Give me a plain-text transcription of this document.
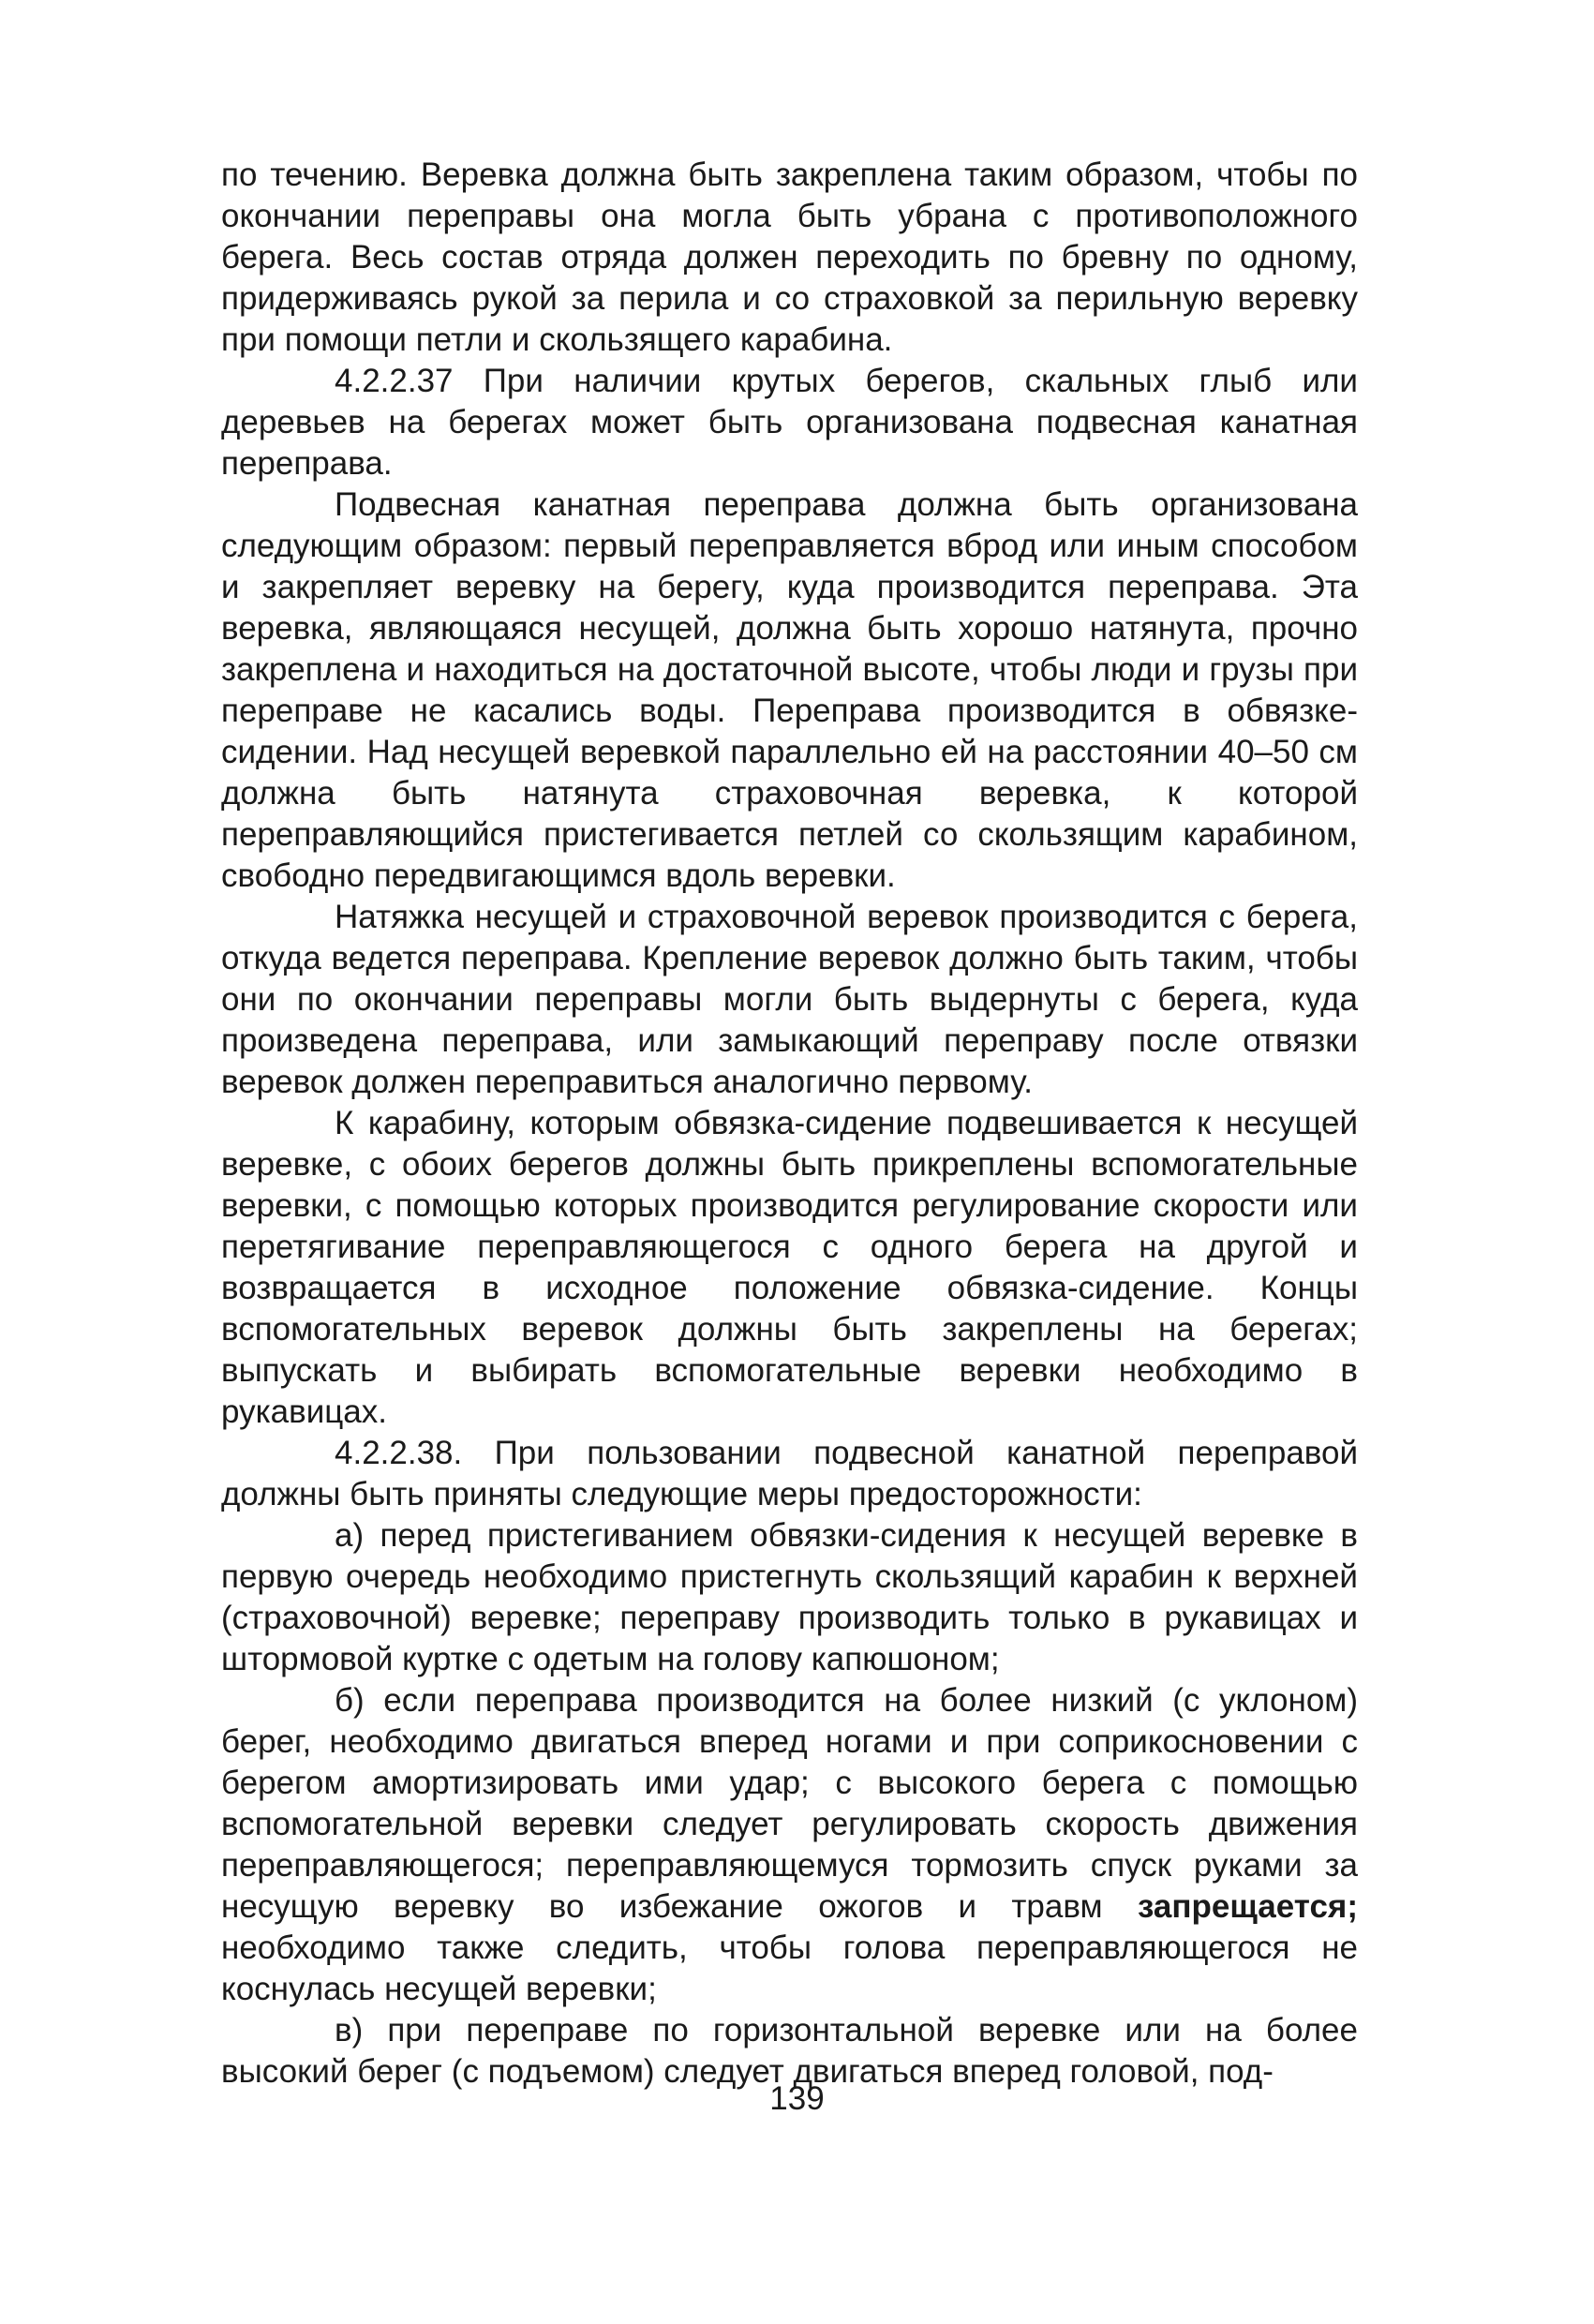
по течению. Веревка должна быть закреплена таким образом, чтобы по окончании переправы она могла быть убрана с противоположного берега. Весь состав отряда должен переходить по бревну по одному, придерживаясь рукой за перила и со страховкой за перильную веревку при помощи петли и скользящего карабина.

4.2.2.37 При наличии крутых берегов, скальных глыб или деревьев на берегах может быть организована подвесная канатная переправа.

Подвесная канатная переправа должна быть организована следующим образом: первый переправляется вброд или иным способом и закрепляет веревку на берегу, куда производится переправа. Эта веревка, являющаяся несущей, должна быть хорошо натянута, прочно закреплена и находиться на достаточной высоте, чтобы люди и грузы при переправе не касались воды. Переправа производится в обвязке-сидении. Над несущей веревкой параллельно ей на расстоянии 40–50 см должна быть натянута страховочная веревка, к которой переправляющийся пристегивается петлей со скользящим карабином, свободно передвигающимся вдоль веревки.

Натяжка несущей и страховочной веревок производится с берега, откуда ведется переправа. Крепление веревок должно быть таким, чтобы они по окончании переправы могли быть выдернуты с берега, куда произведена переправа, или замыкающий переправу после отвязки веревок должен переправиться аналогично первому.

К карабину, которым обвязка-сидение подвешивается к несущей веревке, с обоих берегов должны быть прикреплены вспомогательные веревки, с помощью которых производится регулирование скорости или перетягивание переправляющегося с одного берега на другой и возвращается в исходное положение обвязка-сидение. Концы вспомогательных веревок должны быть закреплены на берегах; выпускать и выбирать вспомогательные веревки необходимо в рукавицах.

4.2.2.38. При пользовании подвесной канатной переправой должны быть приняты следующие меры предосторожности:

а) перед пристегиванием обвязки-сидения к несущей веревке в первую очередь необходимо пристегнуть скользящий карабин к верхней (страховочной) веревке; переправу производить только в рукавицах и штормовой куртке с одетым на голову капюшоном;

б) если переправа производится на более низкий (с уклоном) берег, необходимо двигаться вперед ногами и при соприкосновении с берегом амортизировать ими удар; с высокого берега с помощью вспомогательной веревки следует регулировать скорость движения переправляющегося; переправляющемуся тормозить спуск руками за несущую веревку во избежание ожогов и травм запрещается; необходимо также следить, чтобы голова переправляющегося не коснулась несущей веревки;

в) при переправе по горизонтальной веревке или на более высокий берег (с подъемом) следует двигаться вперед головой, под-

139
